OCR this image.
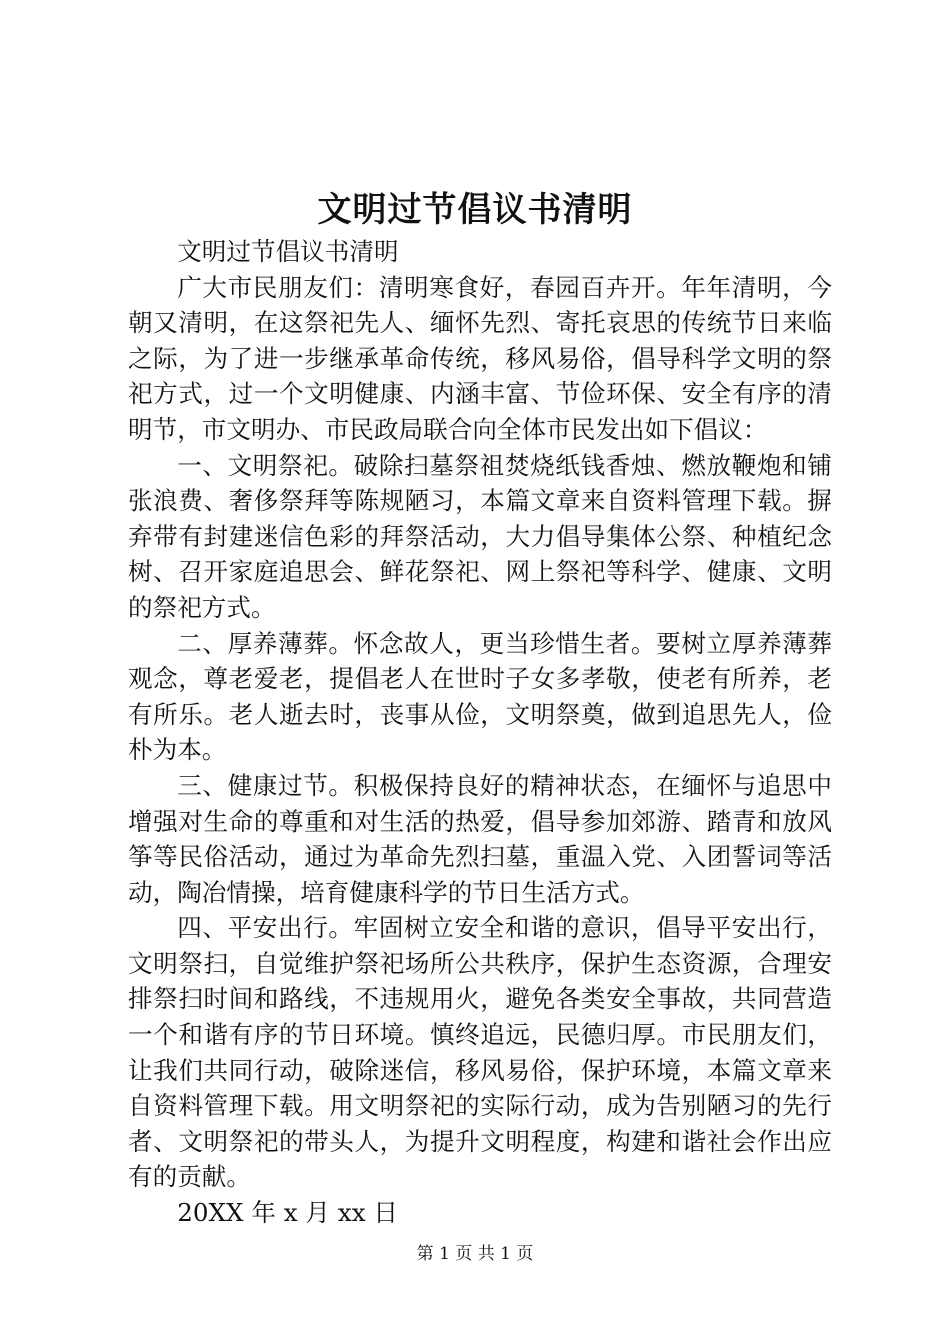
文明过节倡议书清明

文明过节倡议书清明

广大市民朋友们：清明寒食好，春园百卉开。年年清明，今朝又清明，在这祭祀先人、缅怀先烈、寄托哀思的传统节日来临之际，为了进一步继承革命传统，移风易俗，倡导科学文明的祭祀方式，过一个文明健康、内涵丰富、节俭环保、安全有序的清明节，市文明办、市民政局联合向全体市民发出如下倡议：

一、文明祭祀。破除扫墓祭祖焚烧纸钱香烛、燃放鞭炮和铺张浪费、奢侈祭拜等陈规陋习，本篇文章来自资料管理下载。摒弃带有封建迷信色彩的拜祭活动，大力倡导集体公祭、种植纪念树、召开家庭追思会、鲜花祭祀、网上祭祀等科学、健康、文明的祭祀方式。

二、厚养薄葬。怀念故人，更当珍惜生者。要树立厚养薄葬观念，尊老爱老，提倡老人在世时子女多孝敬，使老有所养，老有所乐。老人逝去时，丧事从俭，文明祭奠，做到追思先人，俭朴为本。

三、健康过节。积极保持良好的精神状态，在缅怀与追思中增强对生命的尊重和对生活的热爱，倡导参加郊游、踏青和放风筝等民俗活动，通过为革命先烈扫墓，重温入党、入团誓词等活动，陶冶情操，培育健康科学的节日生活方式。

四、平安出行。牢固树立安全和谐的意识，倡导平安出行，文明祭扫，自觉维护祭祀场所公共秩序，保护生态资源，合理安排祭扫时间和路线，不违规用火，避免各类安全事故，共同营造一个和谐有序的节日环境。慎终追远，民德归厚。市民朋友们，让我们共同行动，破除迷信，移风易俗，保护环境，本篇文章来自资料管理下载。用文明祭祀的实际行动，成为告别陋习的先行者、文明祭祀的带头人，为提升文明程度，构建和谐社会作出应有的贡献。

20XX 年 x 月 xx 日

第 1 页 共 1 页
